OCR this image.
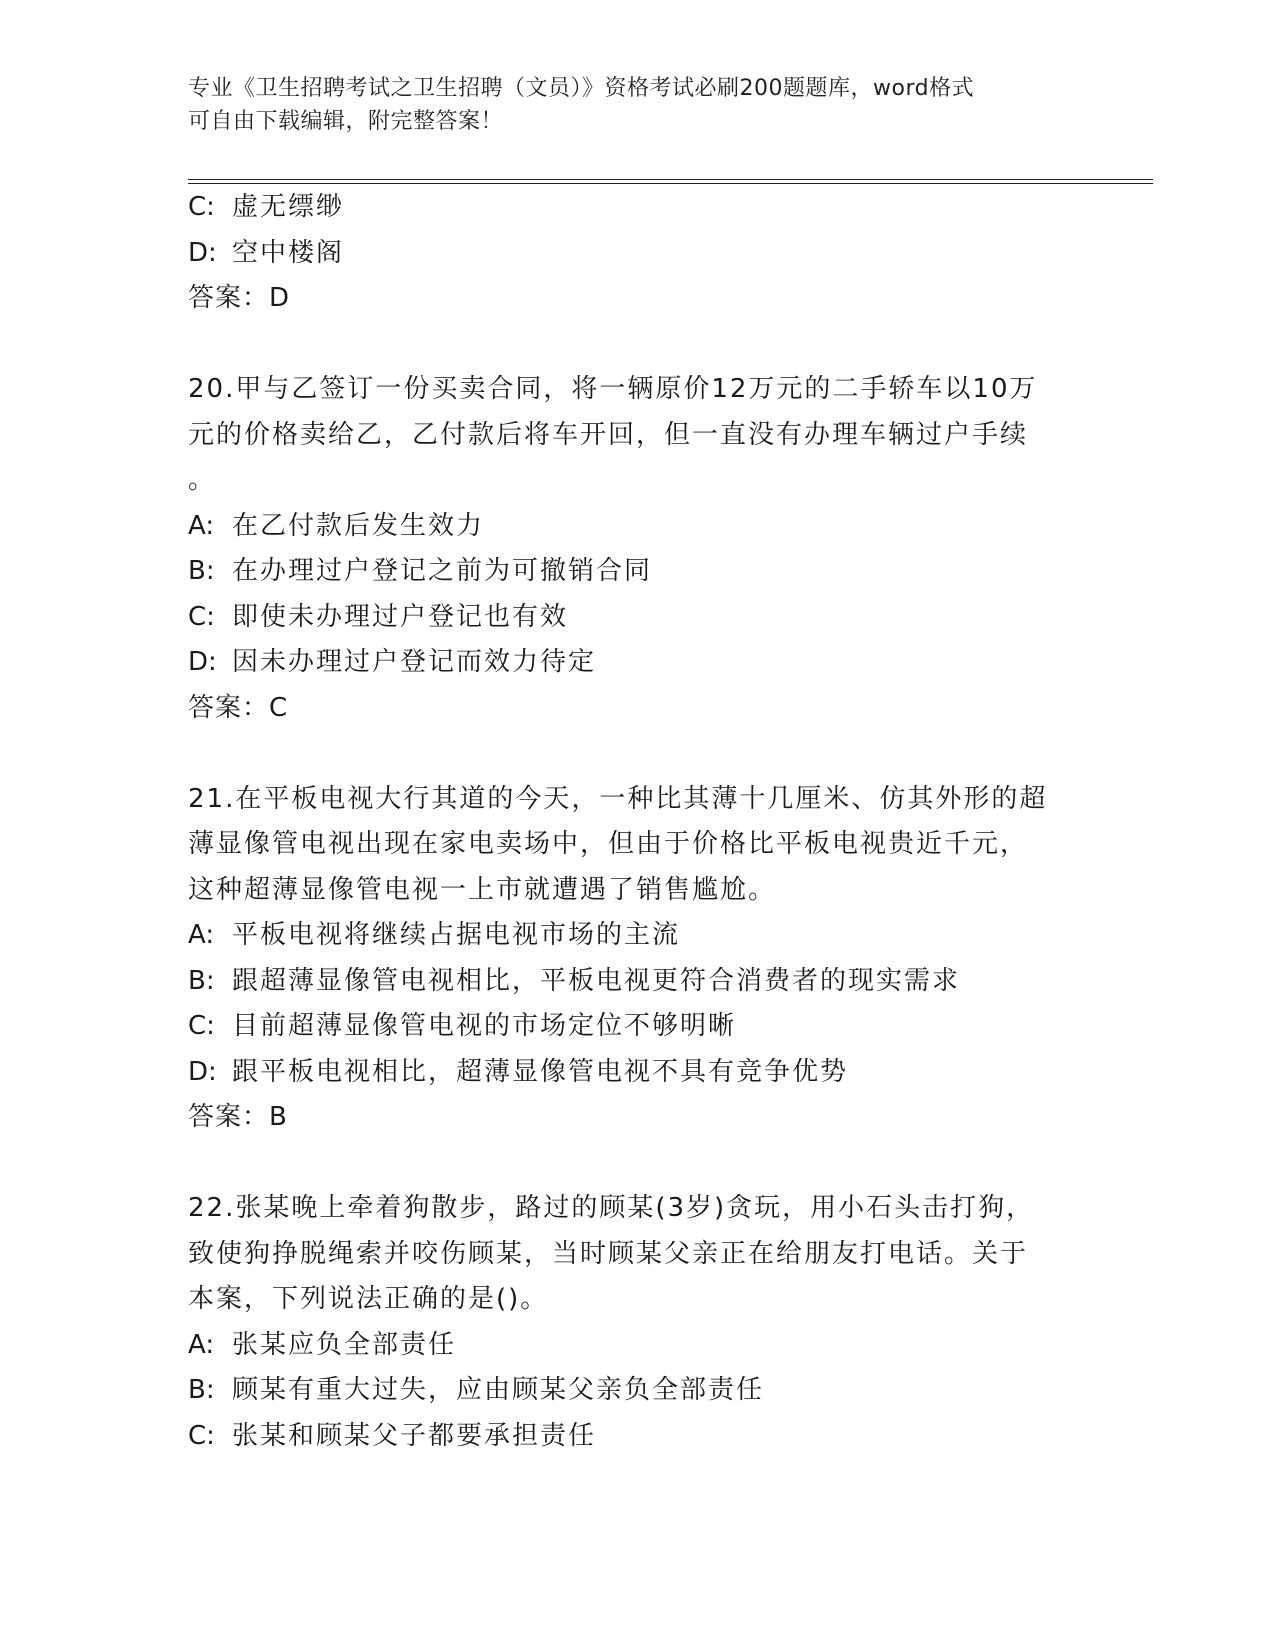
专业《卫生招聘考试之卫生招聘（文员）》资格考试必刷200题题库，word格式
可自由下载编辑，附完整答案！
C: 虚无缥缈
D: 空中楼阁
答案：D
20.甲与乙签订一份买卖合同，将一辆原价12万元的二手轿车以10万
元的价格卖给乙，乙付款后将车开回，但一直没有办理车辆过户手续
。
A: 在乙付款后发生效力
B: 在办理过户登记之前为可撤销合同
C: 即使未办理过户登记也有效
D: 因未办理过户登记而效力待定
答案：C
21.在平板电视大行其道的今天，一种比其薄十几厘米、仿其外形的超
薄显像管电视出现在家电卖场中，但由于价格比平板电视贵近千元，
这种超薄显像管电视一上市就遭遇了销售尴尬。
A: 平板电视将继续占据电视市场的主流
B: 跟超薄显像管电视相比，平板电视更符合消费者的现实需求
C: 目前超薄显像管电视的市场定位不够明晰
D: 跟平板电视相比，超薄显像管电视不具有竞争优势
答案：B
22.张某晚上牵着狗散步，路过的顾某(3岁)贪玩，用小石头击打狗，
致使狗挣脱绳索并咬伤顾某，当时顾某父亲正在给朋友打电话。关于
本案，下列说法正确的是()。
A: 张某应负全部责任
B: 顾某有重大过失，应由顾某父亲负全部责任
C: 张某和顾某父子都要承担责任
